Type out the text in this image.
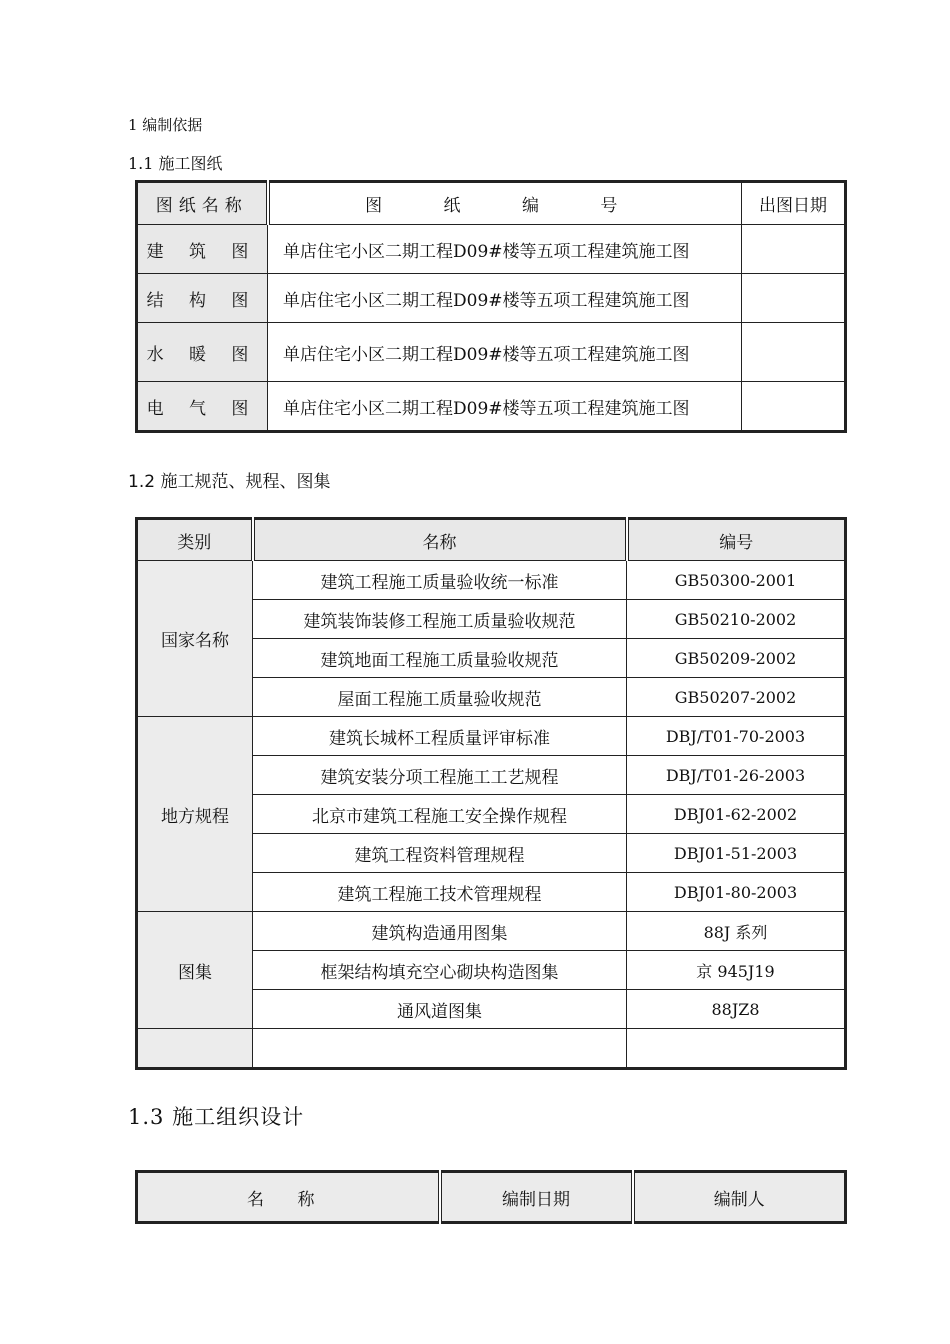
1 编制依据
1.1 施工图纸
图纸名称	图 纸 编 号	出图日期
建 筑 图	单店住宅小区二期工程D09#楼等五项工程建筑施工图	
结 构 图	单店住宅小区二期工程D09#楼等五项工程建筑施工图	
水 暖 图	单店住宅小区二期工程D09#楼等五项工程建筑施工图	
电 气 图	单店住宅小区二期工程D09#楼等五项工程建筑施工图	
1.2 施工规范、规程、图集
类别	名称	编号
国家名称	建筑工程施工质量验收统一标准	GB50300-2001
	建筑装饰装修工程施工质量验收规范	GB50210-2002
	建筑地面工程施工质量验收规范	GB50209-2002
	屋面工程施工质量验收规范	GB50207-2002
地方规程	建筑长城杯工程质量评审标准	DBJ/T01-70-2003
	建筑安装分项工程施工工艺规程	DBJ/T01-26-2003
	北京市建筑工程施工安全操作规程	DBJ01-62-2002
	建筑工程资料管理规程	DBJ01-51-2003
	建筑工程施工技术管理规程	DBJ01-80-2003
图集	建筑构造通用图集	88J 系列
	框架结构填充空心砌块构造图集	京 945J19
	通风道图集	88JZ8

1.3 施工组织设计
名 称	编制日期	编制人
